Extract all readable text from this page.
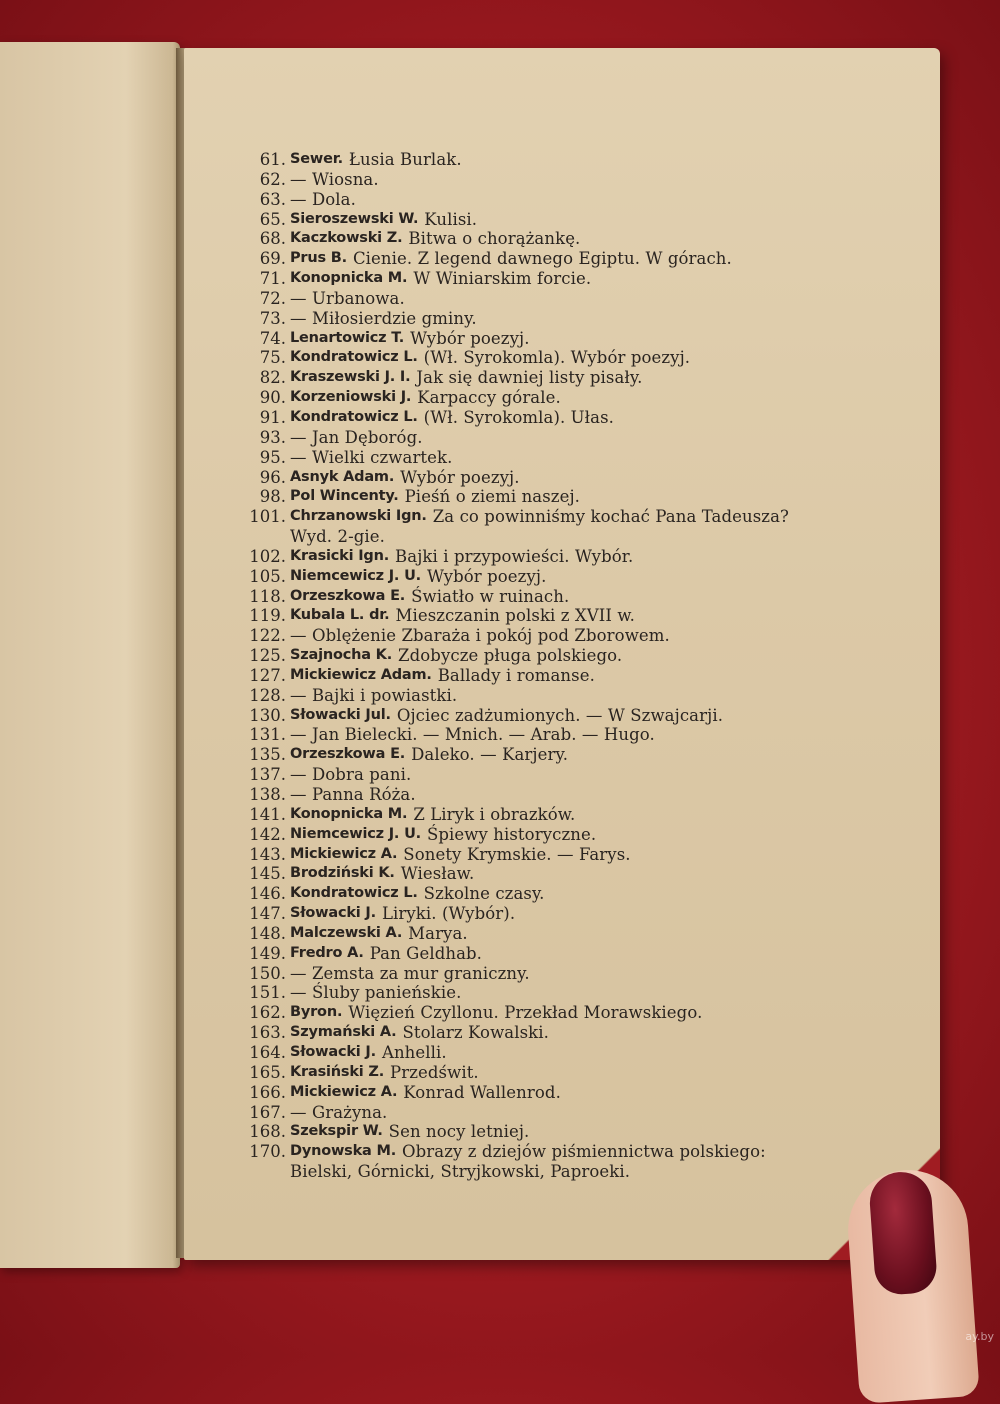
61. Sewer. Łusia Burlak.
62. — Wiosna.
63. — Dola.
65. Sieroszewski W. Kulisi.
68. Kaczkowski Z. Bitwa o chorążankę.
69. Prus B. Cienie. Z legend dawnego Egiptu. W górach.
71. Konopnicka M. W Winiarskim forcie.
72. — Urbanowa.
73. — Miłosierdzie gminy.
74. Lenartowicz T. Wybór poezyj.
75. Kondratowicz L. (Wł. Syrokomla). Wybór poezyj.
82. Kraszewski J. I. Jak się dawniej listy pisały.
90. Korzeniowski J. Karpaccy górale.
91. Kondratowicz L. (Wł. Syrokomla). Ułas.
93. — Jan Dęboróg.
95. — Wielki czwartek.
96. Asnyk Adam. Wybór poezyj.
98. Pol Wincenty. Pieśń o ziemi naszej.
101. Chrzanowski Ign. Za co powinniśmy kochać Pana Tadeusza?
Wyd. 2-gie.
102. Krasicki Ign. Bajki i przypowieści. Wybór.
105. Niemcewicz J. U. Wybór poezyj.
118. Orzeszkowa E. Światło w ruinach.
119. Kubala L. dr. Mieszczanin polski z XVII w.
122. — Oblężenie Zbaraża i pokój pod Zborowem.
125. Szajnocha K. Zdobycze pługa polskiego.
127. Mickiewicz Adam. Ballady i romanse.
128. — Bajki i powiastki.
130. Słowacki Jul. Ojciec zadżumionych. — W Szwajcarji.
131. — Jan Bielecki. — Mnich. — Arab. — Hugo.
135. Orzeszkowa E. Daleko. — Karjery.
137. — Dobra pani.
138. — Panna Róża.
141. Konopnicka M. Z Liryk i obrazków.
142. Niemcewicz J. U. Śpiewy historyczne.
143. Mickiewicz A. Sonety Krymskie. — Farys.
145. Brodziński K. Wiesław.
146. Kondratowicz L. Szkolne czasy.
147. Słowacki J. Liryki. (Wybór).
148. Malczewski A. Marya.
149. Fredro A. Pan Geldhab.
150. — Zemsta za mur graniczny.
151. — Śluby panieńskie.
162. Byron. Więzień Czyllonu. Przekład Morawskiego.
163. Szymański A. Stolarz Kowalski.
164. Słowacki J. Anhelli.
165. Krasiński Z. Przedświt.
166. Mickiewicz A. Konrad Wallenrod.
167. — Grażyna.
168. Szekspir W. Sen nocy letniej.
170. Dynowska M. Obrazy z dziejów piśmiennictwa polskiego:
Bielski, Górnicki, Stryjkowski, Paproeki.
ay.by
